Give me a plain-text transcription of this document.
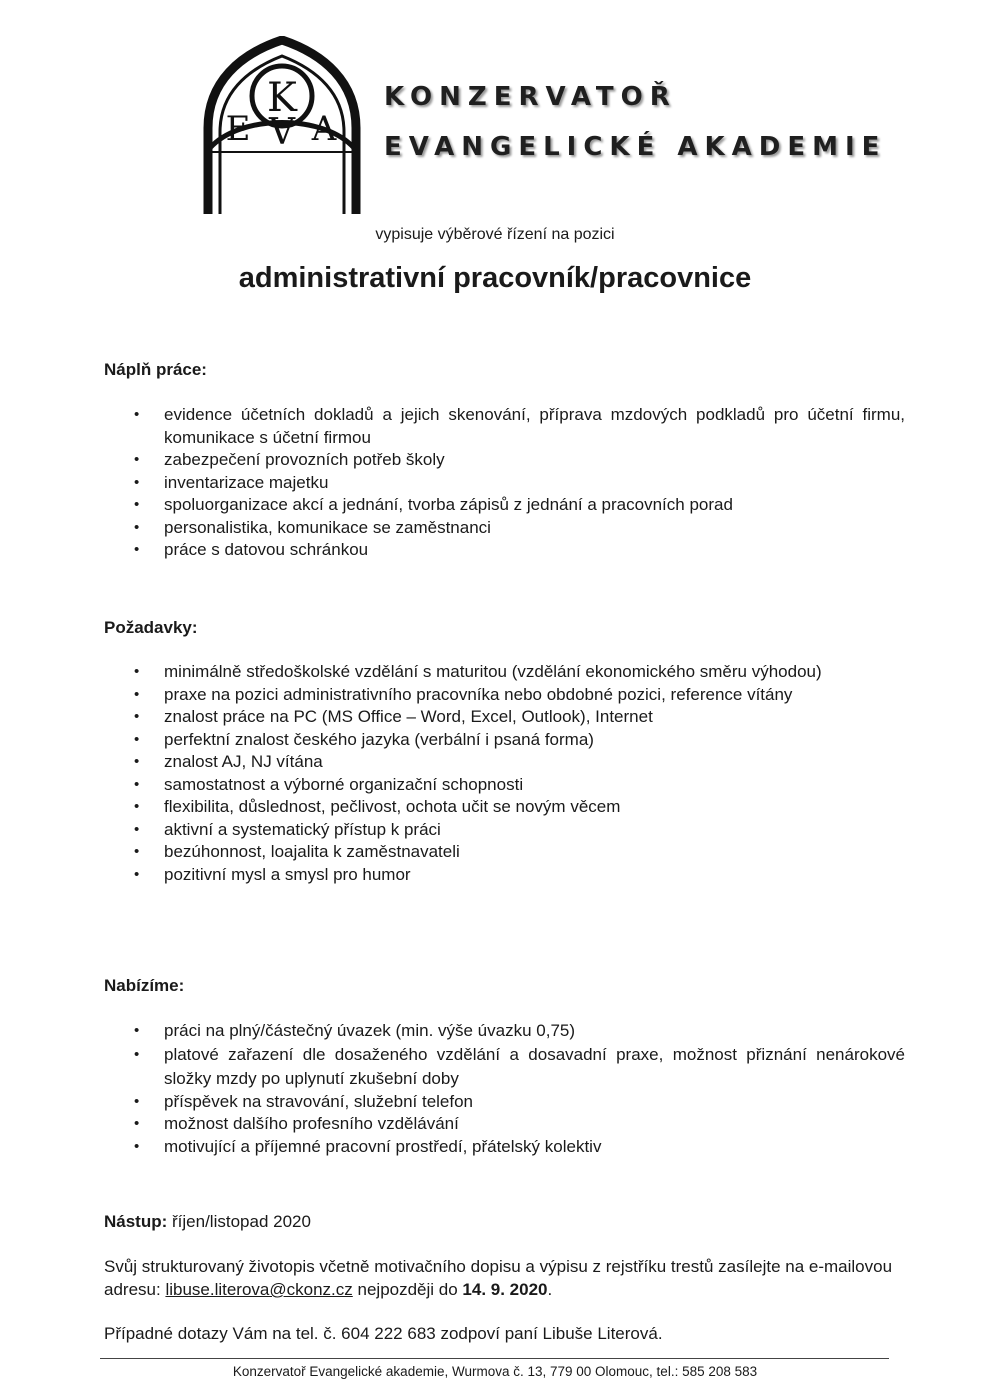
K
E V A
KONZERVATOŘ
EVANGELICKÉ AKADEMIE
vypisuje výběrové řízení na pozici
administrativní pracovník/pracovnice
Náplň práce:
• evidence účetních dokladů a jejich skenování, příprava mzdových podkladů pro účetní firmu, komunikace s účetní firmou
• zabezpečení provozních potřeb školy
• inventarizace majetku
• spoluorganizace akcí a jednání, tvorba zápisů z jednání a pracovních porad
• personalistika, komunikace se zaměstnanci
• práce s datovou schránkou
Požadavky:
• minimálně středoškolské vzdělání s maturitou (vzdělání ekonomického směru výhodou)
• praxe na pozici administrativního pracovníka nebo obdobné pozici, reference vítány
• znalost práce na PC (MS Office – Word, Excel, Outlook), Internet
• perfektní znalost českého jazyka (verbální i psaná forma)
• znalost AJ, NJ vítána
• samostatnost a výborné organizační schopnosti
• flexibilita, důslednost, pečlivost, ochota učit se novým věcem
• aktivní a systematický přístup k práci
• bezúhonnost, loajalita k zaměstnavateli
• pozitivní mysl a smysl pro humor
Nabízíme:
• práci na plný/částečný úvazek (min. výše úvazku 0,75)
• platové zařazení dle dosaženého vzdělání a dosavadní praxe, možnost přiznání nenárokové složky mzdy po uplynutí zkušební doby
• příspěvek na stravování, služební telefon
• možnost dalšího profesního vzdělávání
• motivující a příjemné pracovní prostředí, přátelský kolektiv

Nástup: říjen/listopad 2020

Svůj strukturovaný životopis včetně motivačního dopisu a výpisu z rejstříku trestů zasílejte na e-mailovou adresu: libuse.literova@ckonz.cz nejpozději do 14. 9. 2020.

Případné dotazy Vám na tel. č. 604 222 683 zodpoví paní Libuše Literová.

Konzervatoř Evangelické akademie, Wurmova č. 13, 779 00 Olomouc, tel.: 585 208 583
